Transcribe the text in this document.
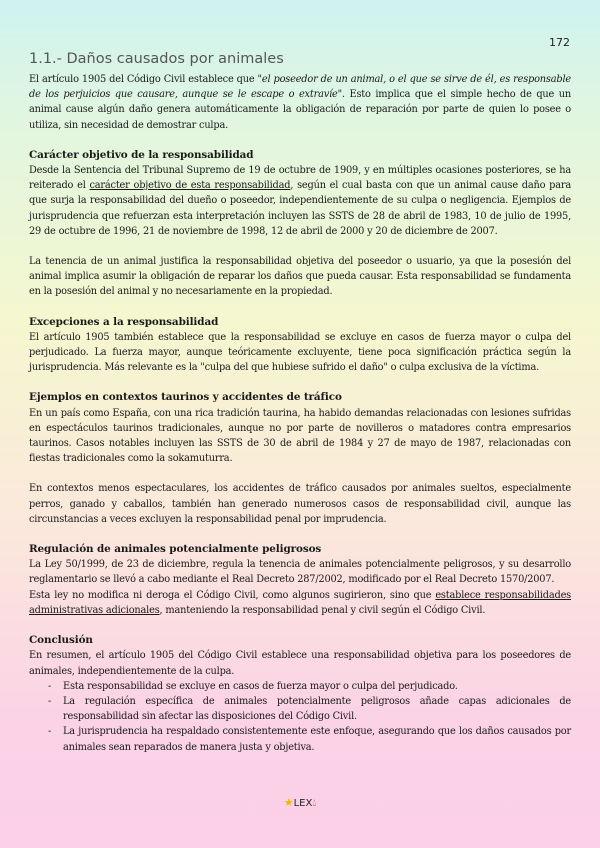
172
1.1.- Daños causados por animales

El artículo 1905 del Código Civil establece que "el poseedor de un animal, o el que se sirve de él, es responsable de los perjuicios que causare, aunque se le escape o extravíe". Esto implica que el simple hecho de que un animal cause algún daño genera automáticamente la obligación de reparación por parte de quien lo posee o utiliza, sin necesidad de demostrar culpa.

Carácter objetivo de la responsabilidad

Desde la Sentencia del Tribunal Supremo de 19 de octubre de 1909, y en múltiples ocasiones posteriores, se ha reiterado el carácter objetivo de esta responsabilidad, según el cual basta con que un animal cause daño para que surja la responsabilidad del dueño o poseedor, independientemente de su culpa o negligencia. Ejemplos de jurisprudencia que refuerzan esta interpretación incluyen las SSTS de 28 de abril de 1983, 10 de julio de 1995, 29 de octubre de 1996, 21 de noviembre de 1998, 12 de abril de 2000 y 20 de diciembre de 2007.

La tenencia de un animal justifica la responsabilidad objetiva del poseedor o usuario, ya que la posesión del animal implica asumir la obligación de reparar los daños que pueda causar. Esta responsabilidad se fundamenta en la posesión del animal y no necesariamente en la propiedad.

Excepciones a la responsabilidad

El artículo 1905 también establece que la responsabilidad se excluye en casos de fuerza mayor o culpa del perjudicado. La fuerza mayor, aunque teóricamente excluyente, tiene poca significación práctica según la jurisprudencia. Más relevante es la "culpa del que hubiese sufrido el daño" o culpa exclusiva de la víctima.

Ejemplos en contextos taurinos y accidentes de tráfico

En un país como España, con una rica tradición taurina, ha habido demandas relacionadas con lesiones sufridas en espectáculos taurinos tradicionales, aunque no por parte de novilleros o matadores contra empresarios taurinos. Casos notables incluyen las SSTS de 30 de abril de 1984 y 27 de mayo de 1987, relacionadas con fiestas tradicionales como la sokamuturra.

En contextos menos espectaculares, los accidentes de tráfico causados por animales sueltos, especialmente perros, ganado y caballos, también han generado numerosos casos de responsabilidad civil, aunque las circunstancias a veces excluyen la responsabilidad penal por imprudencia.

Regulación de animales potencialmente peligrosos

La Ley 50/1999, de 23 de diciembre, regula la tenencia de animales potencialmente peligrosos, y su desarrollo reglamentario se llevó a cabo mediante el Real Decreto 287/2002, modificado por el Real Decreto 1570/2007.

Esta ley no modifica ni deroga el Código Civil, como algunos sugirieron, sino que establece responsabilidades administrativas adicionales, manteniendo la responsabilidad penal y civil según el Código Civil.

Conclusión

En resumen, el artículo 1905 del Código Civil establece una responsabilidad objetiva para los poseedores de animales, independientemente de la culpa.

- Esta responsabilidad se excluye en casos de fuerza mayor o culpa del perjudicado.
- La regulación específica de animales potencialmente peligrosos añade capas adicionales de responsabilidad sin afectar las disposiciones del Código Civil.
- La jurisprudencia ha respaldado consistentemente este enfoque, asegurando que los daños causados por animales sean reparados de manera justa y objetiva.
★LEX💧︎
